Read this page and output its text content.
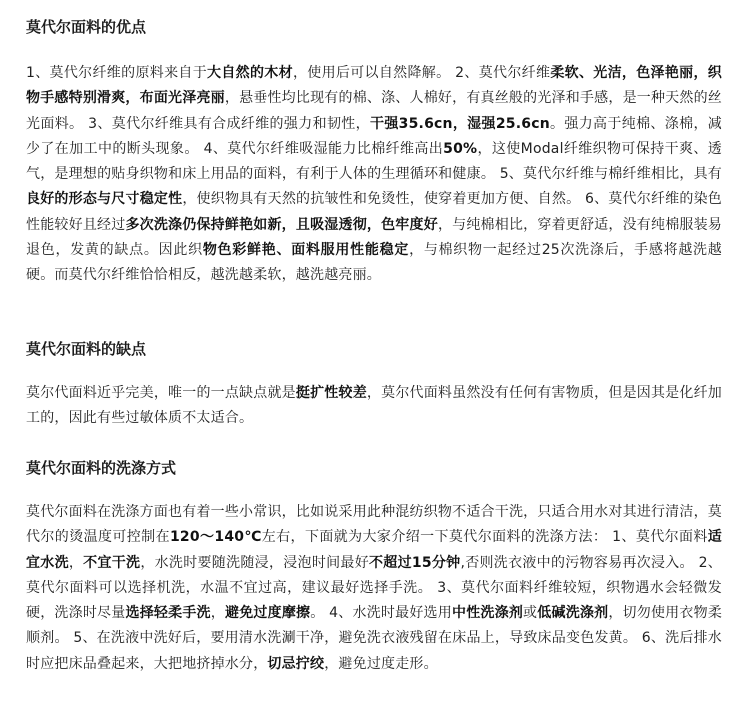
莫代尔面料的优点

1、莫代尔纤维的原料来自于大自然的木材，使用后可以自然降解。 2、莫代尔纤维柔软、光洁，色泽艳丽，织物手感特别滑爽，布面光泽亮丽，悬垂性均比现有的棉、涤、人棉好，有真丝般的光泽和手感，是一种天然的丝光面料。 3、莫代尔纤维具有合成纤维的强力和韧性，干强35.6cn，湿强25.6cn。强力高于纯棉、涤棉，减少了在加工中的断头现象。 4、莫代尔纤维吸湿能力比棉纤维高出50%，这使Modal纤维织物可保持干爽、透气，是理想的贴身织物和床上用品的面料，有利于人体的生理循环和健康。 5、莫代尔纤维与棉纤维相比，具有良好的形态与尺寸稳定性，使织物具有天然的抗皱性和免烫性，使穿着更加方便、自然。 6、莫代尔纤维的染色性能较好且经过多次洗涤仍保持鲜艳如新，且吸湿透彻，色牢度好，与纯棉相比，穿着更舒适，没有纯棉服装易退色，发黄的缺点。因此织物色彩鲜艳、面料服用性能稳定，与棉织物一起经过25次洗涤后，手感将越洗越硬。而莫代尔纤维恰恰相反，越洗越柔软，越洗越亮丽。

莫代尔面料的缺点

莫尔代面料近乎完美，唯一的一点缺点就是挺扩性较差，莫尔代面料虽然没有任何有害物质，但是因其是化纤加工的，因此有些过敏体质不太适合。

莫代尔面料的洗涤方式

莫代尔面料在洗涤方面也有着一些小常识，比如说采用此种混纺织物不适合干洗，只适合用水对其进行清洁，莫代尔的烫温度可控制在120～140℃左右，下面就为大家介绍一下莫代尔面料的洗涤方法： 1、莫代尔面料适宜水洗，不宜干洗，水洗时要随洗随浸，浸泡时间最好不超过15分钟,否则洗衣液中的污物容易再次浸入。 2、莫代尔面料可以选择机洗，水温不宜过高，建议最好选择手洗。 3、莫代尔面料纤维较短，织物遇水会轻微发硬，洗涤时尽量选择轻柔手洗，避免过度摩擦。 4、水洗时最好选用中性洗涤剂或低碱洗涤剂，切勿使用衣物柔顺剂。 5、在洗液中洗好后，要用清水洗涮干净，避免洗衣液残留在床品上，导致床品变色发黄。 6、洗后排水时应把床品叠起来，大把地挤掉水分，切忌拧绞，避免过度走形。
